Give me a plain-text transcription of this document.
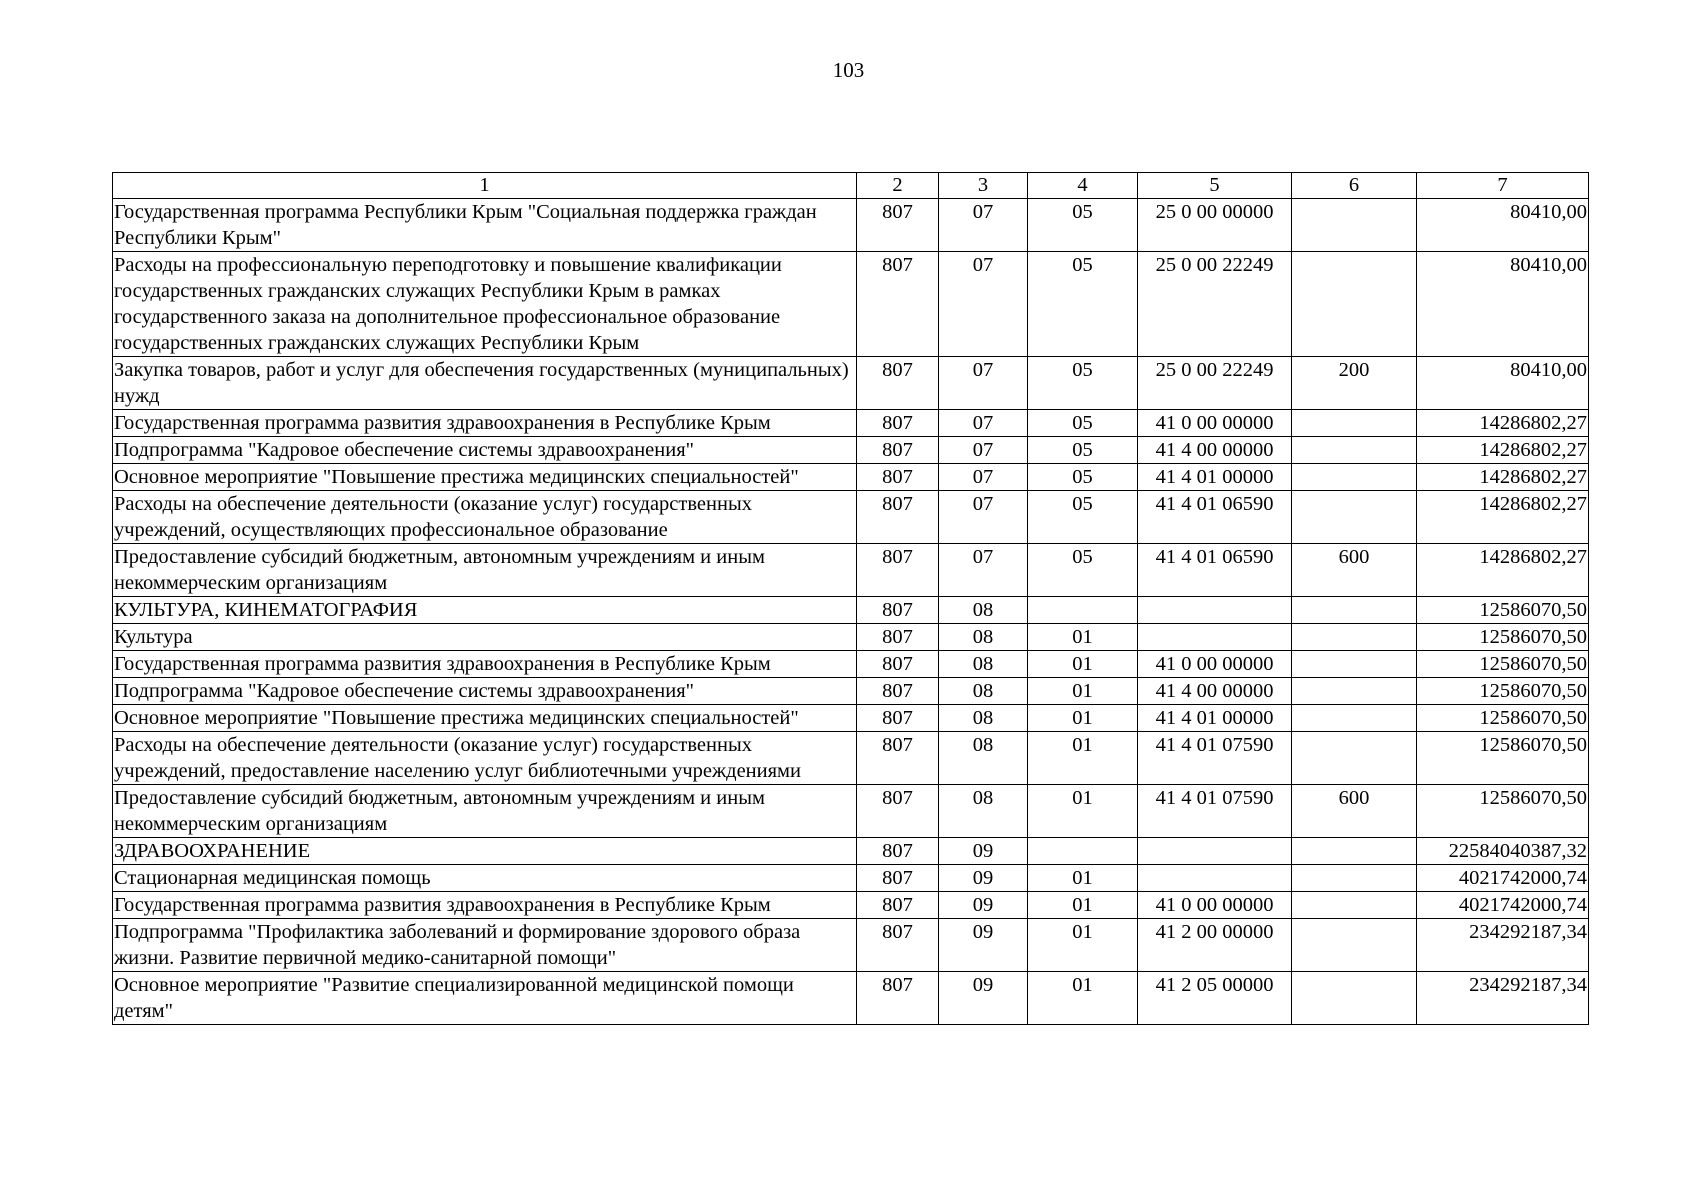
103
1	2	3	4	5	6	7
Государственная программа Республики Крым "Социальная поддержка граждан Республики Крым"	807	07	05	25 0 00 00000		80410,00
Расходы на профессиональную переподготовку и повышение квалификации государственных гражданских служащих Республики Крым в рамках государственного заказа на дополнительное профессиональное образование государственных гражданских служащих Республики Крым	807	07	05	25 0 00 22249		80410,00
Закупка товаров, работ и услуг для обеспечения государственных (муниципальных) нужд	807	07	05	25 0 00 22249	200	80410,00
Государственная программа развития здравоохранения в Республике Крым	807	07	05	41 0 00 00000		14286802,27
Подпрограмма "Кадровое обеспечение системы здравоохранения"	807	07	05	41 4 00 00000		14286802,27
Основное мероприятие "Повышение престижа медицинских специальностей"	807	07	05	41 4 01 00000		14286802,27
Расходы на обеспечение деятельности (оказание услуг) государственных учреждений, осуществляющих профессиональное образование	807	07	05	41 4 01 06590		14286802,27
Предоставление субсидий бюджетным, автономным учреждениям и иным некоммерческим организациям	807	07	05	41 4 01 06590	600	14286802,27
КУЛЬТУРА, КИНЕМАТОГРАФИЯ	807	08				12586070,50
Культура	807	08	01			12586070,50
Государственная программа развития здравоохранения в Республике Крым	807	08	01	41 0 00 00000		12586070,50
Подпрограмма "Кадровое обеспечение системы здравоохранения"	807	08	01	41 4 00 00000		12586070,50
Основное мероприятие "Повышение престижа медицинских специальностей"	807	08	01	41 4 01 00000		12586070,50
Расходы на обеспечение деятельности (оказание услуг) государственных учреждений, предоставление населению услуг библиотечными учреждениями	807	08	01	41 4 01 07590		12586070,50
Предоставление субсидий бюджетным, автономным учреждениям и иным некоммерческим организациям	807	08	01	41 4 01 07590	600	12586070,50
ЗДРАВООХРАНЕНИЕ	807	09				22584040387,32
Стационарная медицинская помощь	807	09	01			4021742000,74
Государственная программа развития здравоохранения в Республике Крым	807	09	01	41 0 00 00000		4021742000,74
Подпрограмма "Профилактика заболеваний и формирование здорового образа жизни. Развитие первичной медико-санитарной помощи"	807	09	01	41 2 00 00000		234292187,34
Основное мероприятие "Развитие специализированной медицинской помощи детям"	807	09	01	41 2 05 00000		234292187,34
